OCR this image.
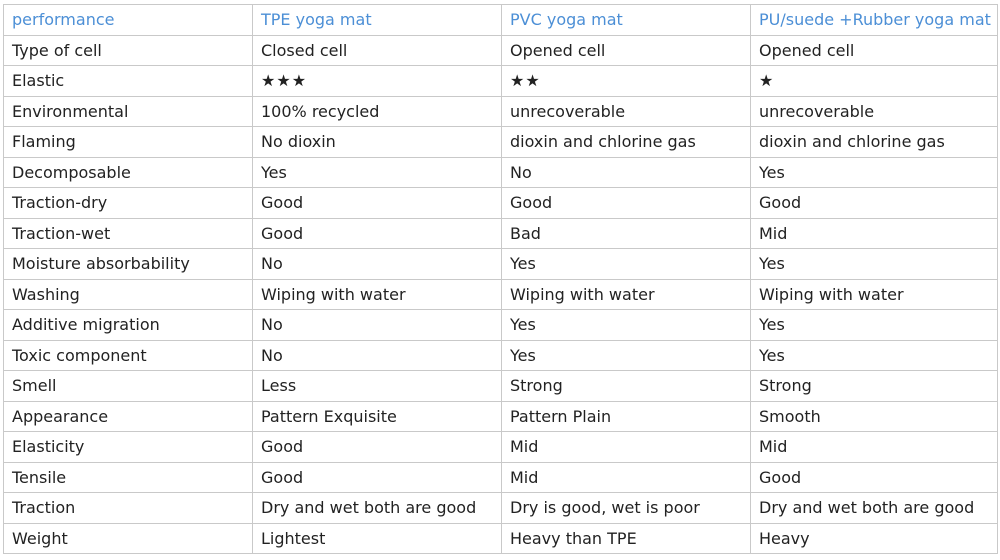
performance	TPE yoga mat	PVC yoga mat	PU/suede +Rubber yoga mat
Type of cell	Closed cell	Opened cell	Opened cell
Elastic	★★★	★★	★
Environmental	100% recycled	unrecoverable	unrecoverable
Flaming	No dioxin	dioxin and chlorine gas	dioxin and chlorine gas
Decomposable	Yes	No	Yes
Traction-dry	Good	Good	Good
Traction-wet	Good	Bad	Mid
Moisture absorbability	No	Yes	Yes
Washing	Wiping with water	Wiping with water	Wiping with water
Additive migration	No	Yes	Yes
Toxic component	No	Yes	Yes
Smell	Less	Strong	Strong
Appearance	Pattern Exquisite	Pattern Plain	Smooth
Elasticity	Good	Mid	Mid
Tensile	Good	Mid	Good
Traction	Dry and wet both are good	Dry is good, wet is poor	Dry and wet both are good
Weight	Lightest	Heavy than TPE	Heavy
